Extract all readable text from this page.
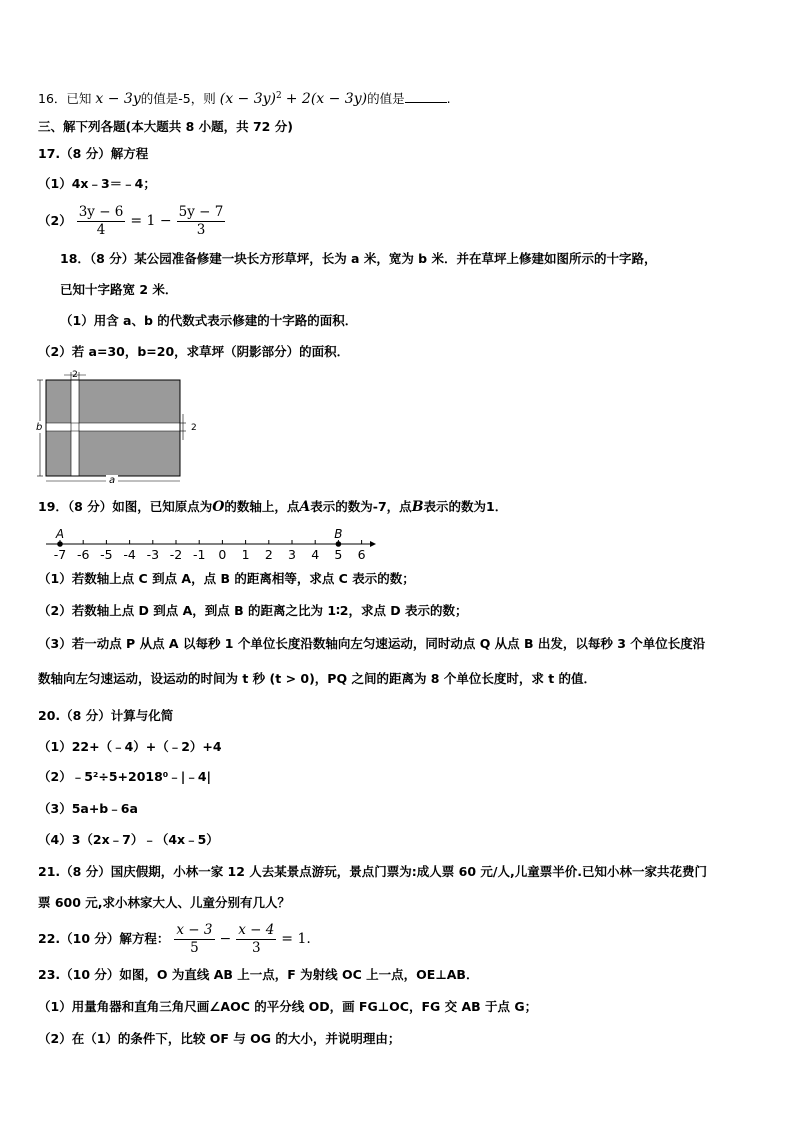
16．已知 x − 3y的值是-5，则 $(x - 3y)^2 + 2(x - 3y)$的值是	.
三、解下列各题(本大题共 8 小题，共 72 分)
17.（8 分）解方程
（1）4x﹣3＝﹣4；
$(2) \frac{3y - 6}{4} = 1 - \frac{5y - 7}{3}$
18．（8 分）某公园准备修建一块长方形草坪，长为 a 米，宽为 b 米．并在草坪上修建如图所示的十字路，
已知十字路宽 2 米．
（1）用含 a、b 的代数式表示修建的十字路的面积．
（2）若 a=30，b=20，求草坪（阴影部分）的面积．
2
2
b
a
19．（8 分）如图，已知原点为O的数轴上，点A表示的数为-7，点B表示的数为1．
-7 -6 -5 -4 -3 -2 -1 0 1 2 3 4 5 6
A	B
（1）若数轴上点 C 到点 A，点 B 的距离相等，求点 C 表示的数；
（2）若数轴上点 D 到点 A，到点 B 的距离之比为 1∶2，求点 D 表示的数；
（3）若一动点 P 从点 A 以每秒 1 个单位长度沿数轴向左匀速运动，同时动点 Q 从点 B 出发，以每秒 3 个单位长度沿
数轴向左匀速运动，设运动的时间为 t 秒 (t > 0)，PQ 之间的距离为 8 个单位长度时，求 t 的值．
20.（8 分）计算与化简
（1）22+（﹣4）+（﹣2）+4
（2）﹣5²÷5+2018⁰﹣|﹣4|
（3）5a+b﹣6a
（4）3（2x﹣7）﹣（4x﹣5）
21.（8 分）国庆假期，小林一家 12 人去某景点游玩，景点门票为:成人票 60 元/人,儿童票半价.已知小林一家共花费门
票 600 元,求小林家大人、儿童分别有几人？
22.（10 分）解方程： $\frac{x - 3}{5} - \frac{x - 4}{3} = 1$.
23.（10 分）如图，O 为直线 AB 上一点，F 为射线 OC 上一点，OE⊥AB．
（1）用量角器和直角三角尺画∠AOC 的平分线 OD，画 FG⊥OC，FG 交 AB 于点 G；
（2）在（1）的条件下，比较 OF 与 OG 的大小，并说明理由；
